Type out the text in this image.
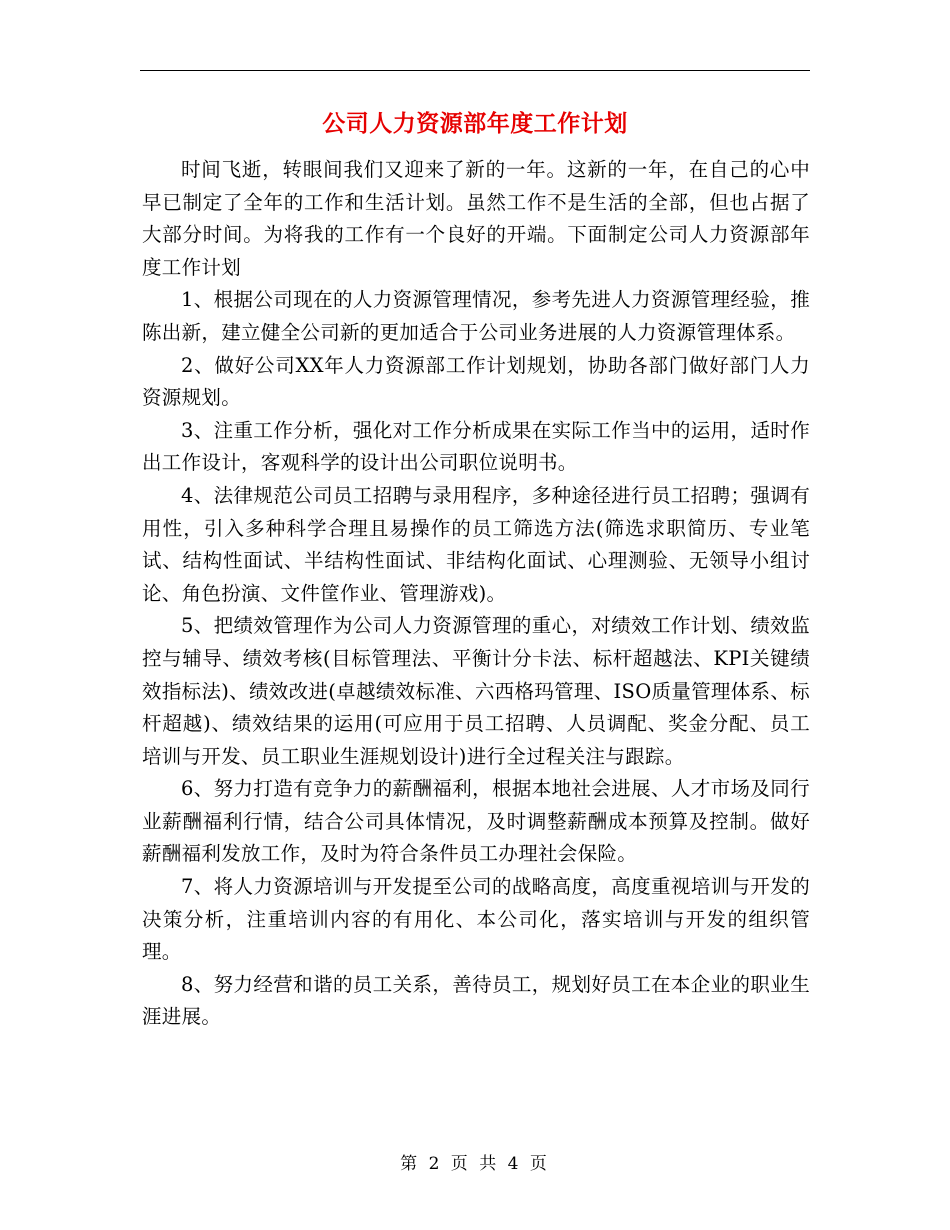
公司人力资源部年度工作计划

时间飞逝，转眼间我们又迎来了新的一年。这新的一年，在自己的心中早已制定了全年的工作和生活计划。虽然工作不是生活的全部，但也占据了大部分时间。为将我的工作有一个良好的开端。下面制定公司人力资源部年度工作计划

1、根据公司现在的人力资源管理情况，参考先进人力资源管理经验，推陈出新，建立健全公司新的更加适合于公司业务进展的人力资源管理体系。

2、做好公司XX年人力资源部工作计划规划，协助各部门做好部门人力资源规划。

3、注重工作分析，强化对工作分析成果在实际工作当中的运用，适时作出工作设计，客观科学的设计出公司职位说明书。

4、法律规范公司员工招聘与录用程序，多种途径进行员工招聘；强调有用性，引入多种科学合理且易操作的员工筛选方法(筛选求职简历、专业笔试、结构性面试、半结构性面试、非结构化面试、心理测验、无领导小组讨论、角色扮演、文件筐作业、管理游戏)。

5、把绩效管理作为公司人力资源管理的重心，对绩效工作计划、绩效监控与辅导、绩效考核(目标管理法、平衡计分卡法、标杆超越法、KPI关键绩效指标法)、绩效改进(卓越绩效标准、六西格玛管理、ISO质量管理体系、标杆超越)、绩效结果的运用(可应用于员工招聘、人员调配、奖金分配、员工培训与开发、员工职业生涯规划设计)进行全过程关注与跟踪。

6、努力打造有竞争力的薪酬福利，根据本地社会进展、人才市场及同行业薪酬福利行情，结合公司具体情况，及时调整薪酬成本预算及控制。做好薪酬福利发放工作，及时为符合条件员工办理社会保险。

7、将人力资源培训与开发提至公司的战略高度，高度重视培训与开发的决策分析，注重培训内容的有用化、本公司化，落实培训与开发的组织管理。

8、努力经营和谐的员工关系，善待员工，规划好员工在本企业的职业生涯进展。

第 2 页 共 4 页
